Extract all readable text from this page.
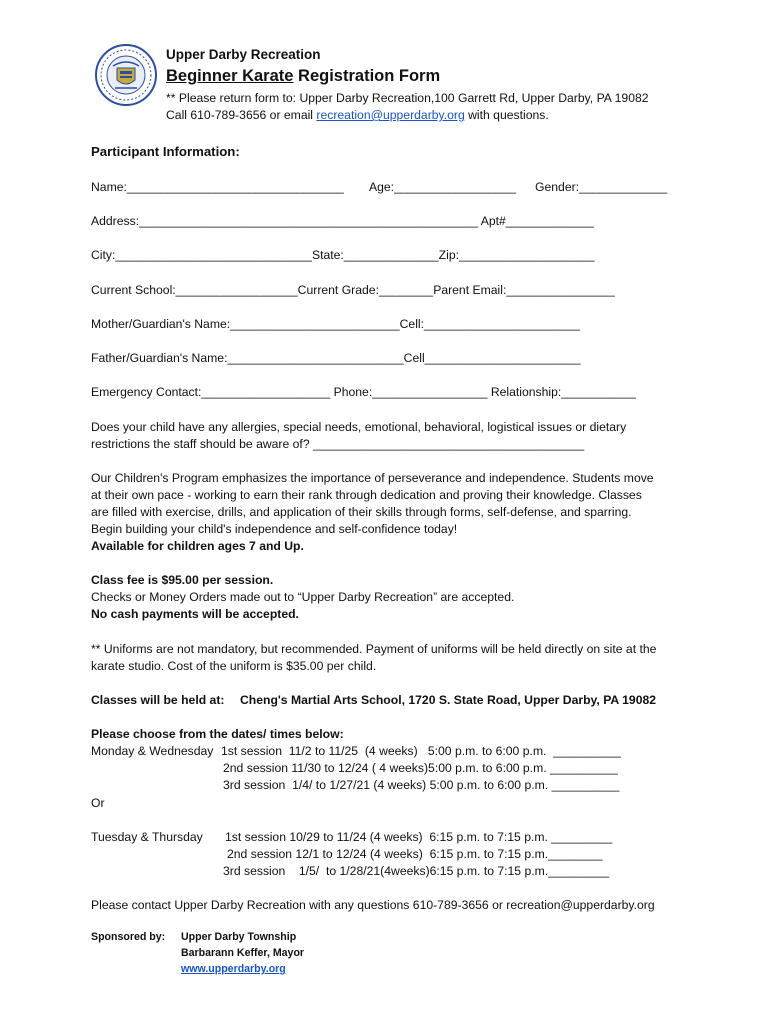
Upper Darby Recreation
Beginner Karate Registration Form
** Please return form to: Upper Darby Recreation,100 Garrett Rd, Upper Darby, PA 19082
Call 610-789-3656 or email recreation@upperdarby.org with questions.
Participant Information:
Name:________________________________ Age:__________________ Gender:_____________
Address:__________________________________________________ Apt#_____________
City:_____________________________State:______________Zip:____________________
Current School:__________________Current Grade:________Parent Email:________________
Mother/Guardian's Name:_________________________Cell:_______________________
Father/Guardian's Name:__________________________Cell_______________________
Emergency Contact:___________________ Phone:_________________ Relationship:___________
Does your child have any allergies, special needs, emotional, behavioral, logistical issues or dietary
restrictions the staff should be aware of? ________________________________________
Our Children's Program emphasizes the importance of perseverance and independence. Students move
at their own pace - working to earn their rank through dedication and proving their knowledge. Classes
are filled with exercise, drills, and application of their skills through forms, self-defense, and sparring.
Begin building your child's independence and self-confidence today!
Available for children ages 7 and Up.
Class fee is $95.00 per session.
Checks or Money Orders made out to “Upper Darby Recreation” are accepted.
No cash payments will be accepted.
** Uniforms are not mandatory, but recommended. Payment of uniforms will be held directly on site at the
karate studio. Cost of the uniform is $35.00 per child.
Classes will be held at: Cheng's Martial Arts School, 1720 S. State Road, Upper Darby, PA 19082
Please choose from the dates/ times below:
Monday & Wednesday 1st session  11/2 to 11/25  (4 weeks)   5:00 p.m. to 6:00 p.m.  __________
2nd session 11/30 to 12/24 ( 4 weeks)5:00 p.m. to 6:00 p.m. __________
3rd session  1/4/ to 1/27/21 (4 weeks) 5:00 p.m. to 6:00 p.m. __________
Or
Tuesday & Thursday 1st session 10/29 to 11/24 (4 weeks)  6:15 p.m. to 7:15 p.m. _________
2nd session 12/1 to 12/24 (4 weeks)  6:15 p.m. to 7:15 p.m.________
3rd session    1/5/  to 1/28/21(4weeks)6:15 p.m. to 7:15 p.m._________
Please contact Upper Darby Recreation with any questions 610-789-3656 or recreation@upperdarby.org
Sponsored by: Upper Darby Township
Barbarann Keffer, Mayor
www.upperdarby.org
